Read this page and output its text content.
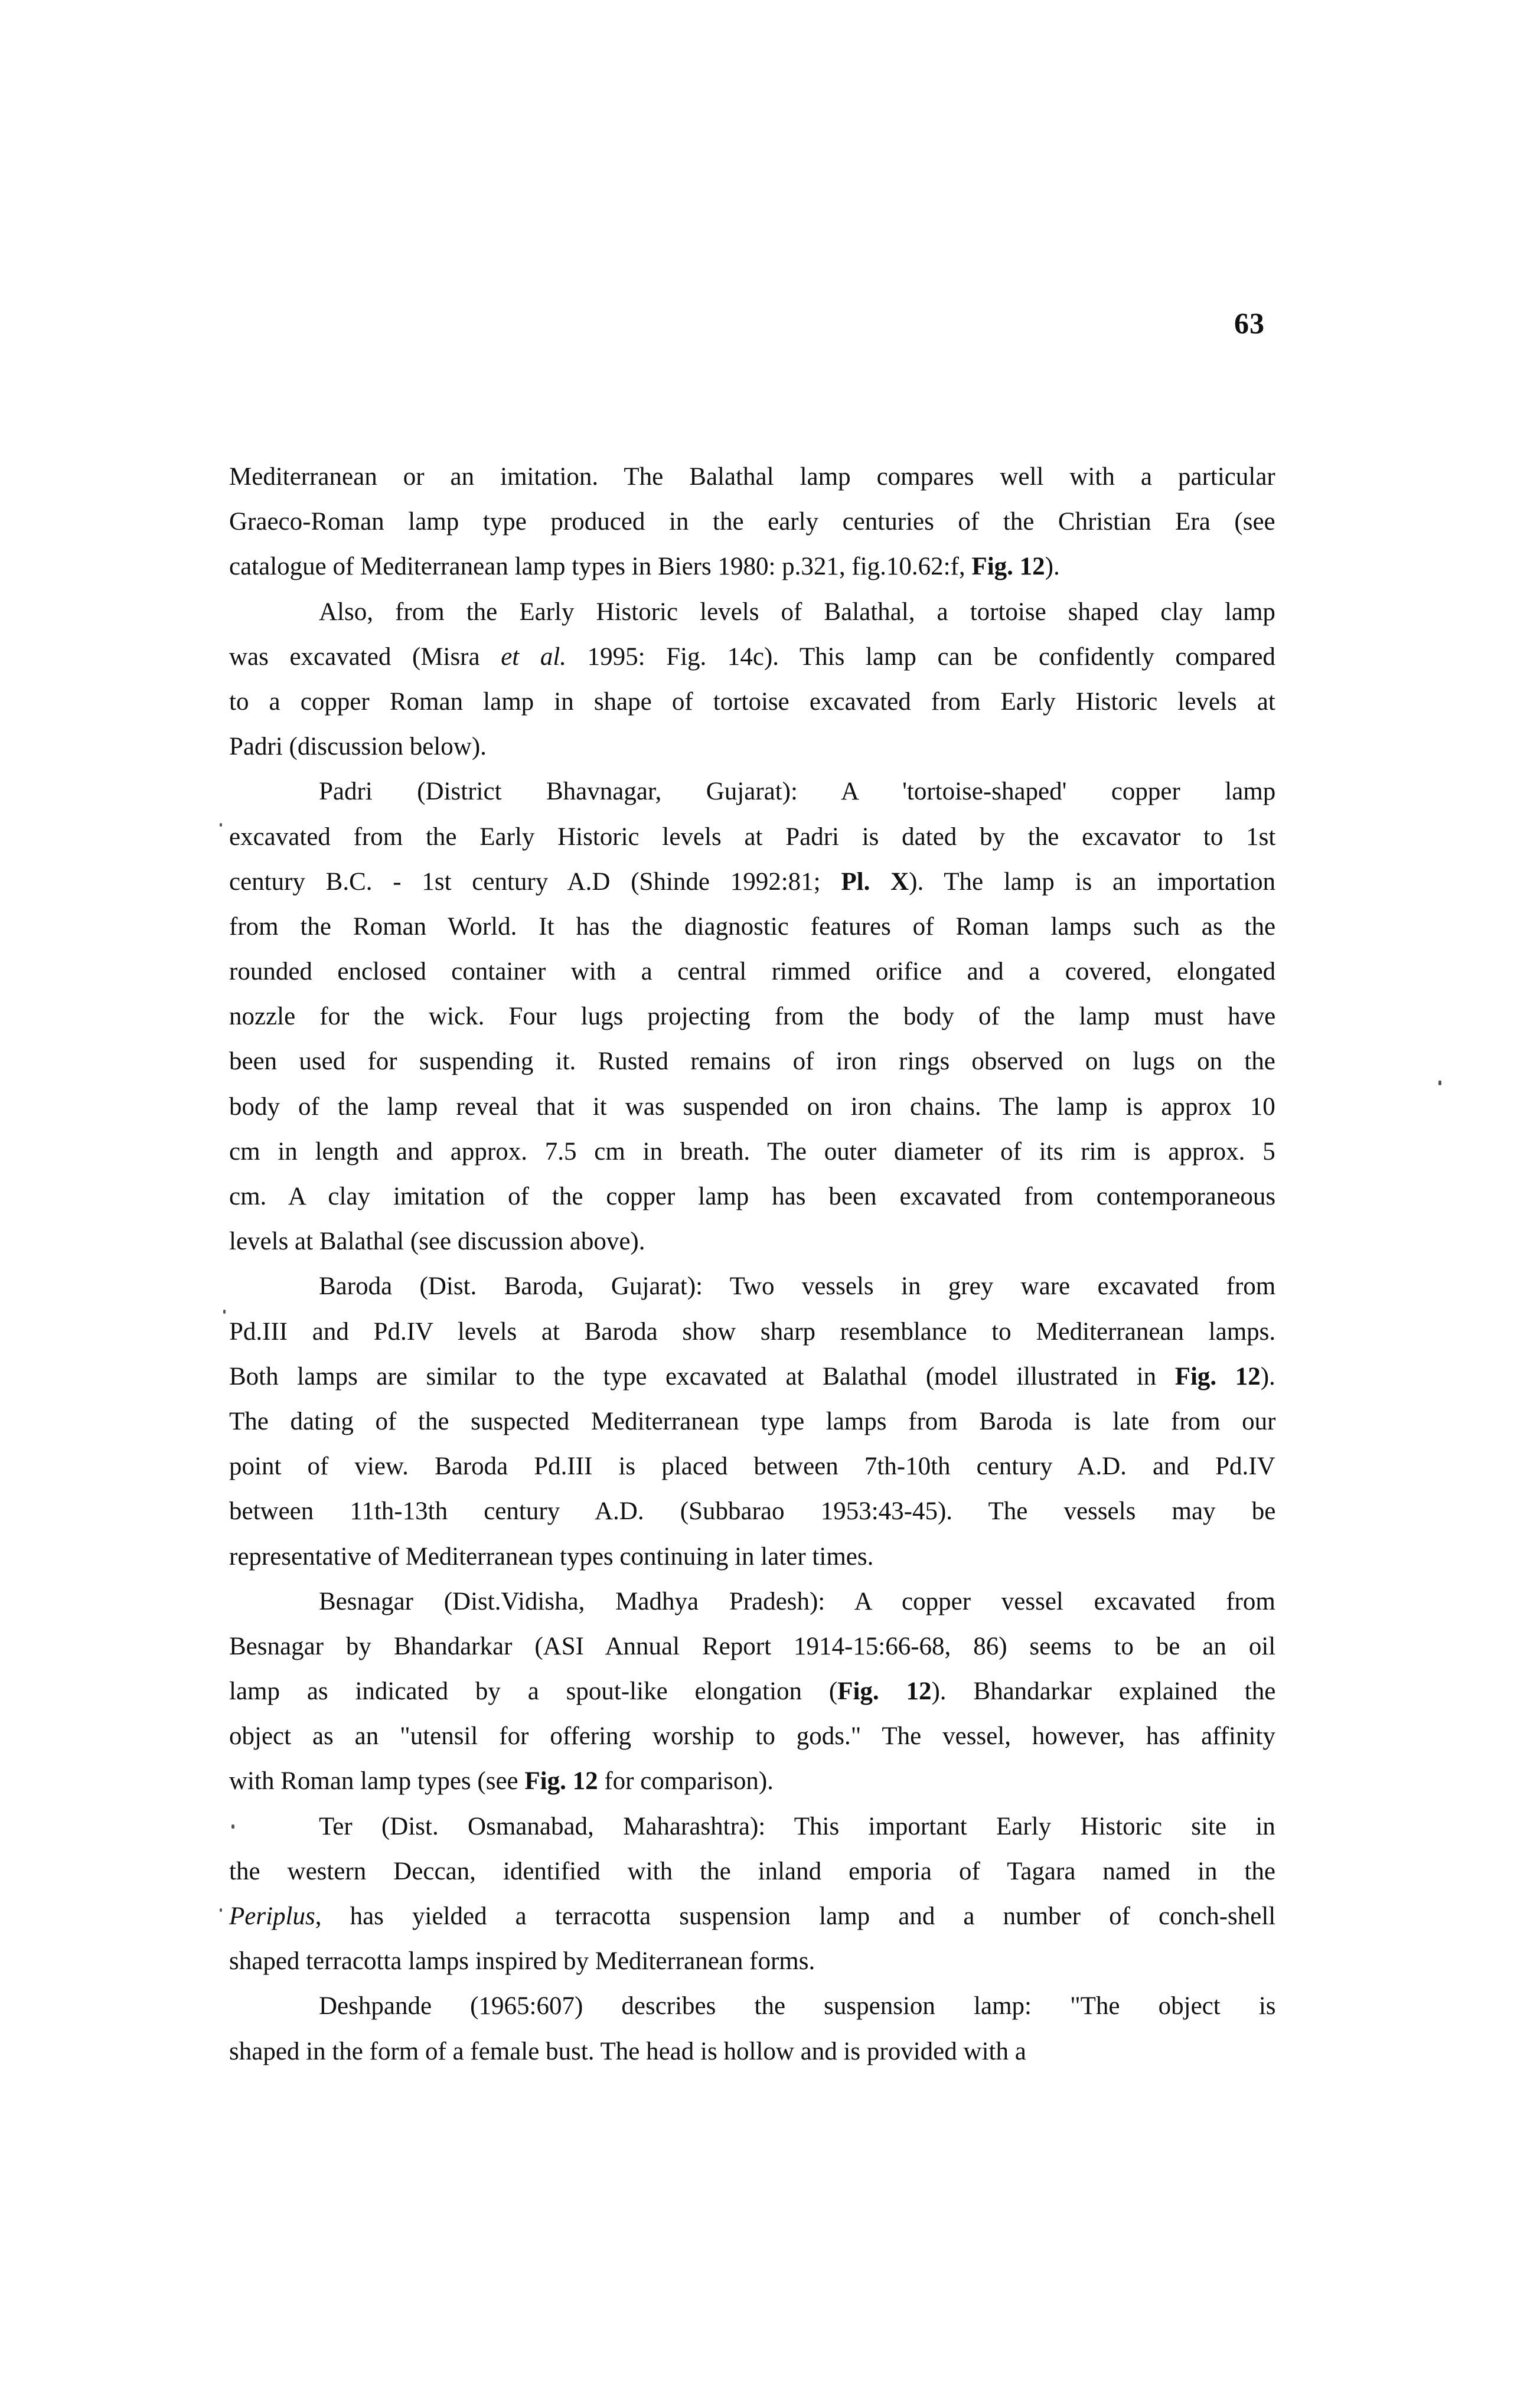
63
Mediterranean or an imitation. The Balathal lamp compares well with a particular
Graeco-Roman lamp type produced in the early centuries of the Christian Era (see
catalogue of Mediterranean lamp types in Biers 1980: p.321, fig.10.62:f, Fig. 12).
Also, from the Early Historic levels of Balathal, a tortoise shaped clay lamp
was excavated (Misra et al. 1995: Fig. 14c). This lamp can be confidently compared
to a copper Roman lamp in shape of tortoise excavated from Early Historic levels at
Padri (discussion below).
Padri (District Bhavnagar, Gujarat): A 'tortoise-shaped' copper lamp
excavated from the Early Historic levels at Padri is dated by the excavator to 1st
century B.C. - 1st century A.D (Shinde 1992:81; Pl. X). The lamp is an importation
from the Roman World. It has the diagnostic features of Roman lamps such as the
rounded enclosed container with a central rimmed orifice and a covered, elongated
nozzle for the wick. Four lugs projecting from the body of the lamp must have
been used for suspending it. Rusted remains of iron rings observed on lugs on the
body of the lamp reveal that it was suspended on iron chains. The lamp is approx 10
cm in length and approx. 7.5 cm in breath. The outer diameter of its rim is approx. 5
cm. A clay imitation of the copper lamp has been excavated from contemporaneous
levels at Balathal (see discussion above).
Baroda (Dist. Baroda, Gujarat): Two vessels in grey ware excavated from
Pd.III and Pd.IV levels at Baroda show sharp resemblance to Mediterranean lamps.
Both lamps are similar to the type excavated at Balathal (model illustrated in Fig. 12).
The dating of the suspected Mediterranean type lamps from Baroda is late from our
point of view. Baroda Pd.III is placed between 7th-10th century A.D. and Pd.IV
between 11th-13th century A.D. (Subbarao 1953:43-45). The vessels may be
representative of Mediterranean types continuing in later times.
Besnagar (Dist.Vidisha, Madhya Pradesh): A copper vessel excavated from
Besnagar by Bhandarkar (ASI Annual Report 1914-15:66-68, 86) seems to be an oil
lamp as indicated by a spout-like elongation (Fig. 12). Bhandarkar explained the
object as an "utensil for offering worship to gods." The vessel, however, has affinity
with Roman lamp types (see Fig. 12 for comparison).
Ter (Dist. Osmanabad, Maharashtra): This important Early Historic site in
the western Deccan, identified with the inland emporia of Tagara named in the
Periplus, has yielded a terracotta suspension lamp and a number of conch-shell
shaped terracotta lamps inspired by Mediterranean forms.
Deshpande (1965:607) describes the suspension lamp: "The object is
shaped in the form of a female bust. The head is hollow and is provided with a
